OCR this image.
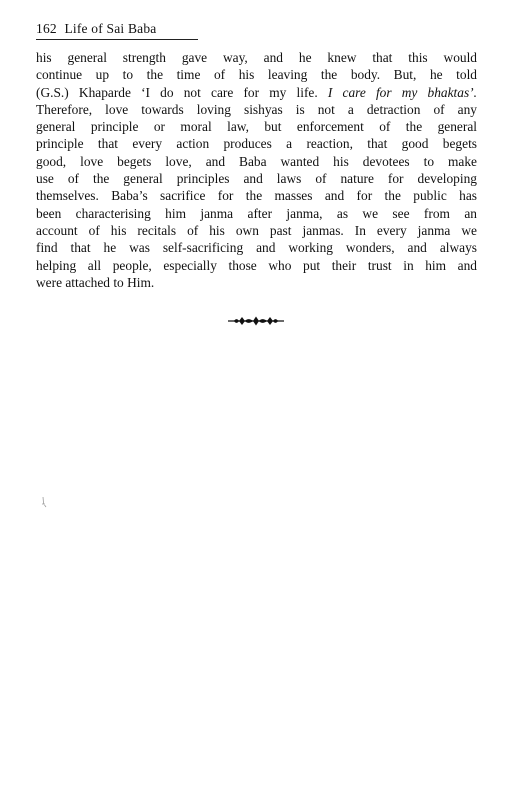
162 Life of Sai Baba
his general strength gave way, and he knew that this would
continue up to the time of his leaving the body. But, he told
(G.S.) Khaparde ‘I do not care for my life. I care for my bhaktas’.
Therefore, love towards loving sishyas is not a detraction of any
general principle or moral law, but enforcement of the general
principle that every action produces a reaction, that good begets
good, love begets love, and Baba wanted his devotees to make
use of the general principles and laws of nature for developing
themselves. Baba’s sacrifice for the masses and for the public has
been characterising him janma after janma, as we see from an
account of his recitals of his own past janmas. In every janma we
find that he was self-sacrificing and working wonders, and always
helping all people, especially those who put their trust in him and
were attached to Him.
